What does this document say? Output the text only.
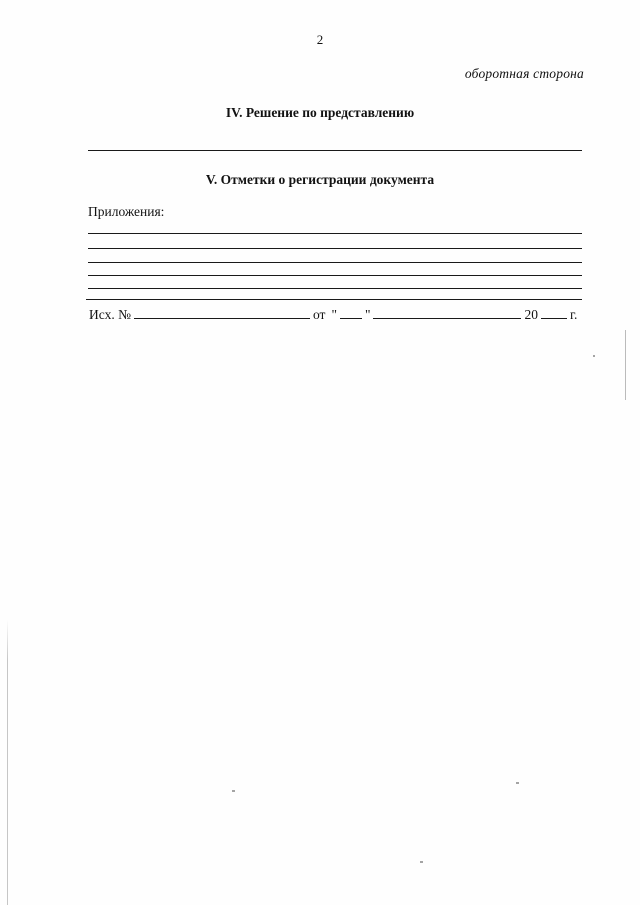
2
оборотная сторона
IV. Решение по представлению
V. Отметки о регистрации документа
Приложения:
Исх. №	от " "	20 г.
